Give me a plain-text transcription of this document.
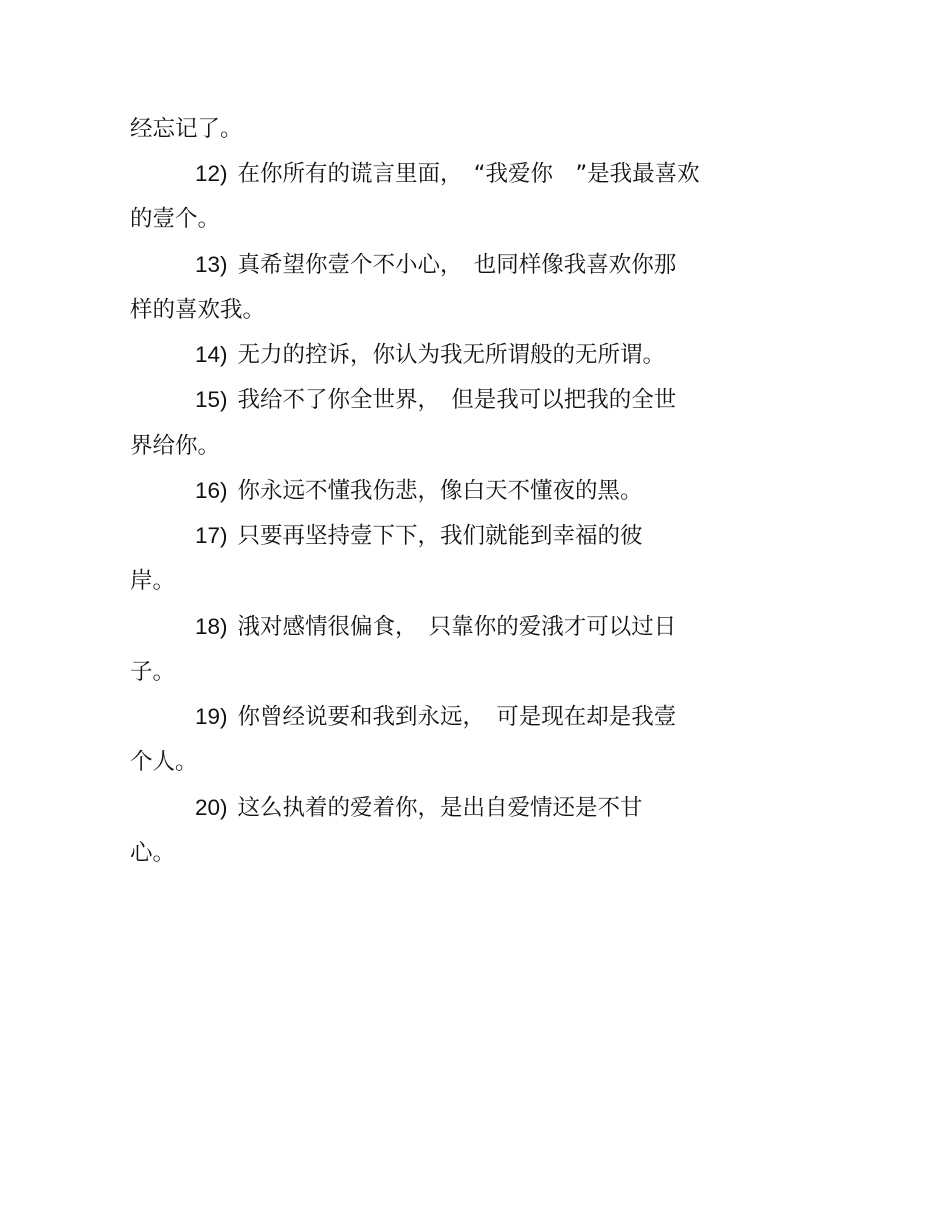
经忘记了。
12) 在你所有的谎言里面，　“我爱你　”是我最喜欢
的壹个。
13) 真希望你壹个不小心，　也同样像我喜欢你那
样的喜欢我。
14) 无力的控诉，你认为我无所谓般的无所谓。
15) 我给不了你全世界，　但是我可以把我的全世
界给你。
16) 你永远不懂我伤悲，像白天不懂夜的黑。
17) 只要再坚持壹下下，我们就能到幸福的彼
岸。
18) 涐对感情很偏食，　只靠你的爱涐才可以过日
子。
19) 你曾经说要和我到永远，　可是现在却是我壹
个人。
20) 这么执着的爱着你，是出自爱情还是不甘
心。
